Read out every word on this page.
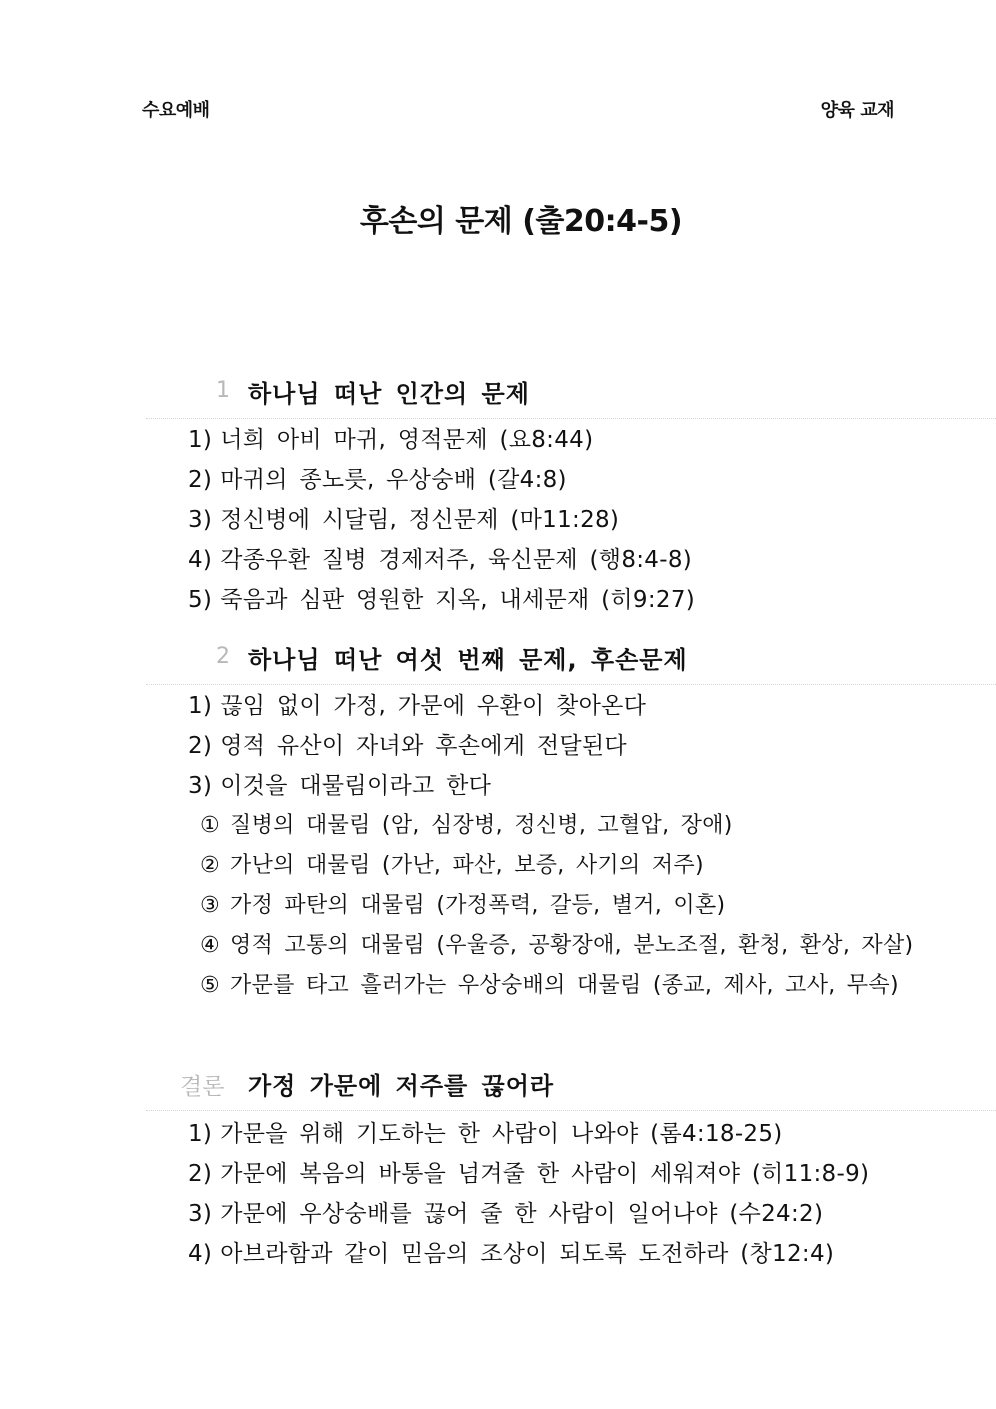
수요예배	양육 교재
후손의 문제 (출20:4-5)
1 하나님 떠난 인간의 문제
1) 너희 아비 마귀, 영적문제 (요8:44)
2) 마귀의 종노릇, 우상숭배 (갈4:8)
3) 정신병에 시달림, 정신문제 (마11:28)
4) 각종우환 질병 경제저주, 육신문제 (행8:4-8)
5) 죽음과 심판 영원한 지옥, 내세문재 (히9:27)
2 하나님 떠난 여섯 번째 문제, 후손문제
1) 끊임 없이 가정, 가문에 우환이 찾아온다
2) 영적 유산이 자녀와 후손에게 전달된다
3) 이것을 대물림이라고 한다
① 질병의 대물림 (암, 심장병, 정신병, 고혈압, 장애)
② 가난의 대물림 (가난, 파산, 보증, 사기의 저주)
③ 가정 파탄의 대물림 (가정폭력, 갈등, 별거, 이혼)
④ 영적 고통의 대물림 (우울증, 공황장애, 분노조절, 환청, 환상, 자살)
⑤ 가문를 타고 흘러가는 우상숭배의 대물림 (종교, 제사, 고사, 무속)
결론 가정 가문에 저주를 끊어라
1) 가문을 위해 기도하는 한 사람이 나와야 (롬4:18-25)
2) 가문에 복음의 바통을 넘겨줄 한 사람이 세워져야 (히11:8-9)
3) 가문에 우상숭배를 끊어 줄 한 사람이 일어나야 (수24:2)
4) 아브라함과 같이 믿음의 조상이 되도록 도전하라 (창12:4)
